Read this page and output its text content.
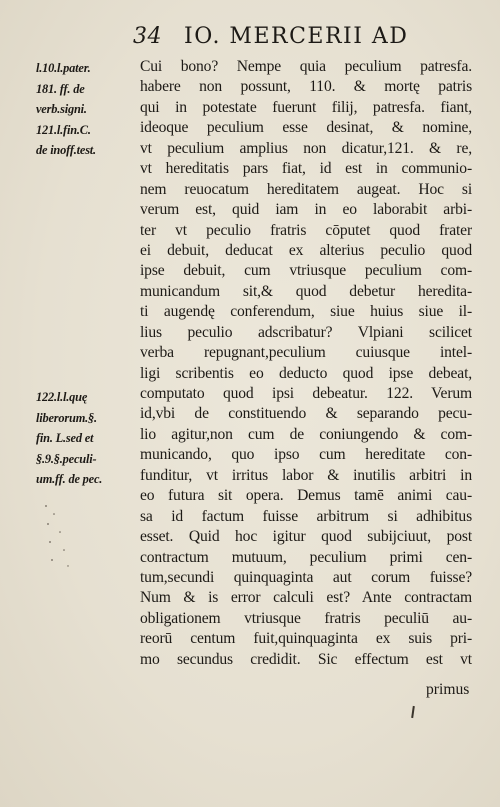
34 IO. MERCERII AD
l.10.l.pater.
181. ff. de
verb.signi.
121.l.fin.C.
de inoff.test.
122.l.l.quę
liberorum.§.
fin. L.sed et
§.9.§.peculi-
um.ff. de pec.
Cui bono? Nempe quia peculium patresfa.
habere non possunt, 110. & mortę patris
qui in potestate fuerunt filij, patresfa. fiant,
ideoque peculium esse desinat, & nomine,
vt peculium amplius non dicatur,121. & re,
vt hereditatis pars fiat, id est in communio-
nem reuocatum hereditatem augeat. Hoc si
verum est, quid iam in eo laborabit arbi-
ter vt peculio fratris cōputet quod frater
ei debuit, deducat ex alterius peculio quod
ipse debuit, cum vtriusque peculium com-
municandum sit,& quod debetur heredita-
ti augendę conferendum, siue huius siue il-
lius peculio adscribatur? Vlpiani scilicet
verba repugnant,peculium cuiusque intel-
ligi scribentis eo deducto quod ipse debeat,
computato quod ipsi debeatur. 122. Verum
id,vbi de constituendo & separando pecu-
lio agitur,non cum de coniungendo & com-
municando, quo ipso cum hereditate con-
funditur, vt irritus labor & inutilis arbitri in
eo futura sit opera. Demus tamē animi cau-
sa id factum fuisse arbitrum si adhibitus
esset. Quid hoc igitur quod subijciuut, post
contractum mutuum, peculium primi cen-
tum,secundi quinquaginta aut corum fuisse?
Num & is error calculi est? Ante contractam
obligationem vtriusque fratris peculiū au-
reorū centum fuit,quinquaginta ex suis pri-
mo secundus credidit. Sic effectum est vt
primus
